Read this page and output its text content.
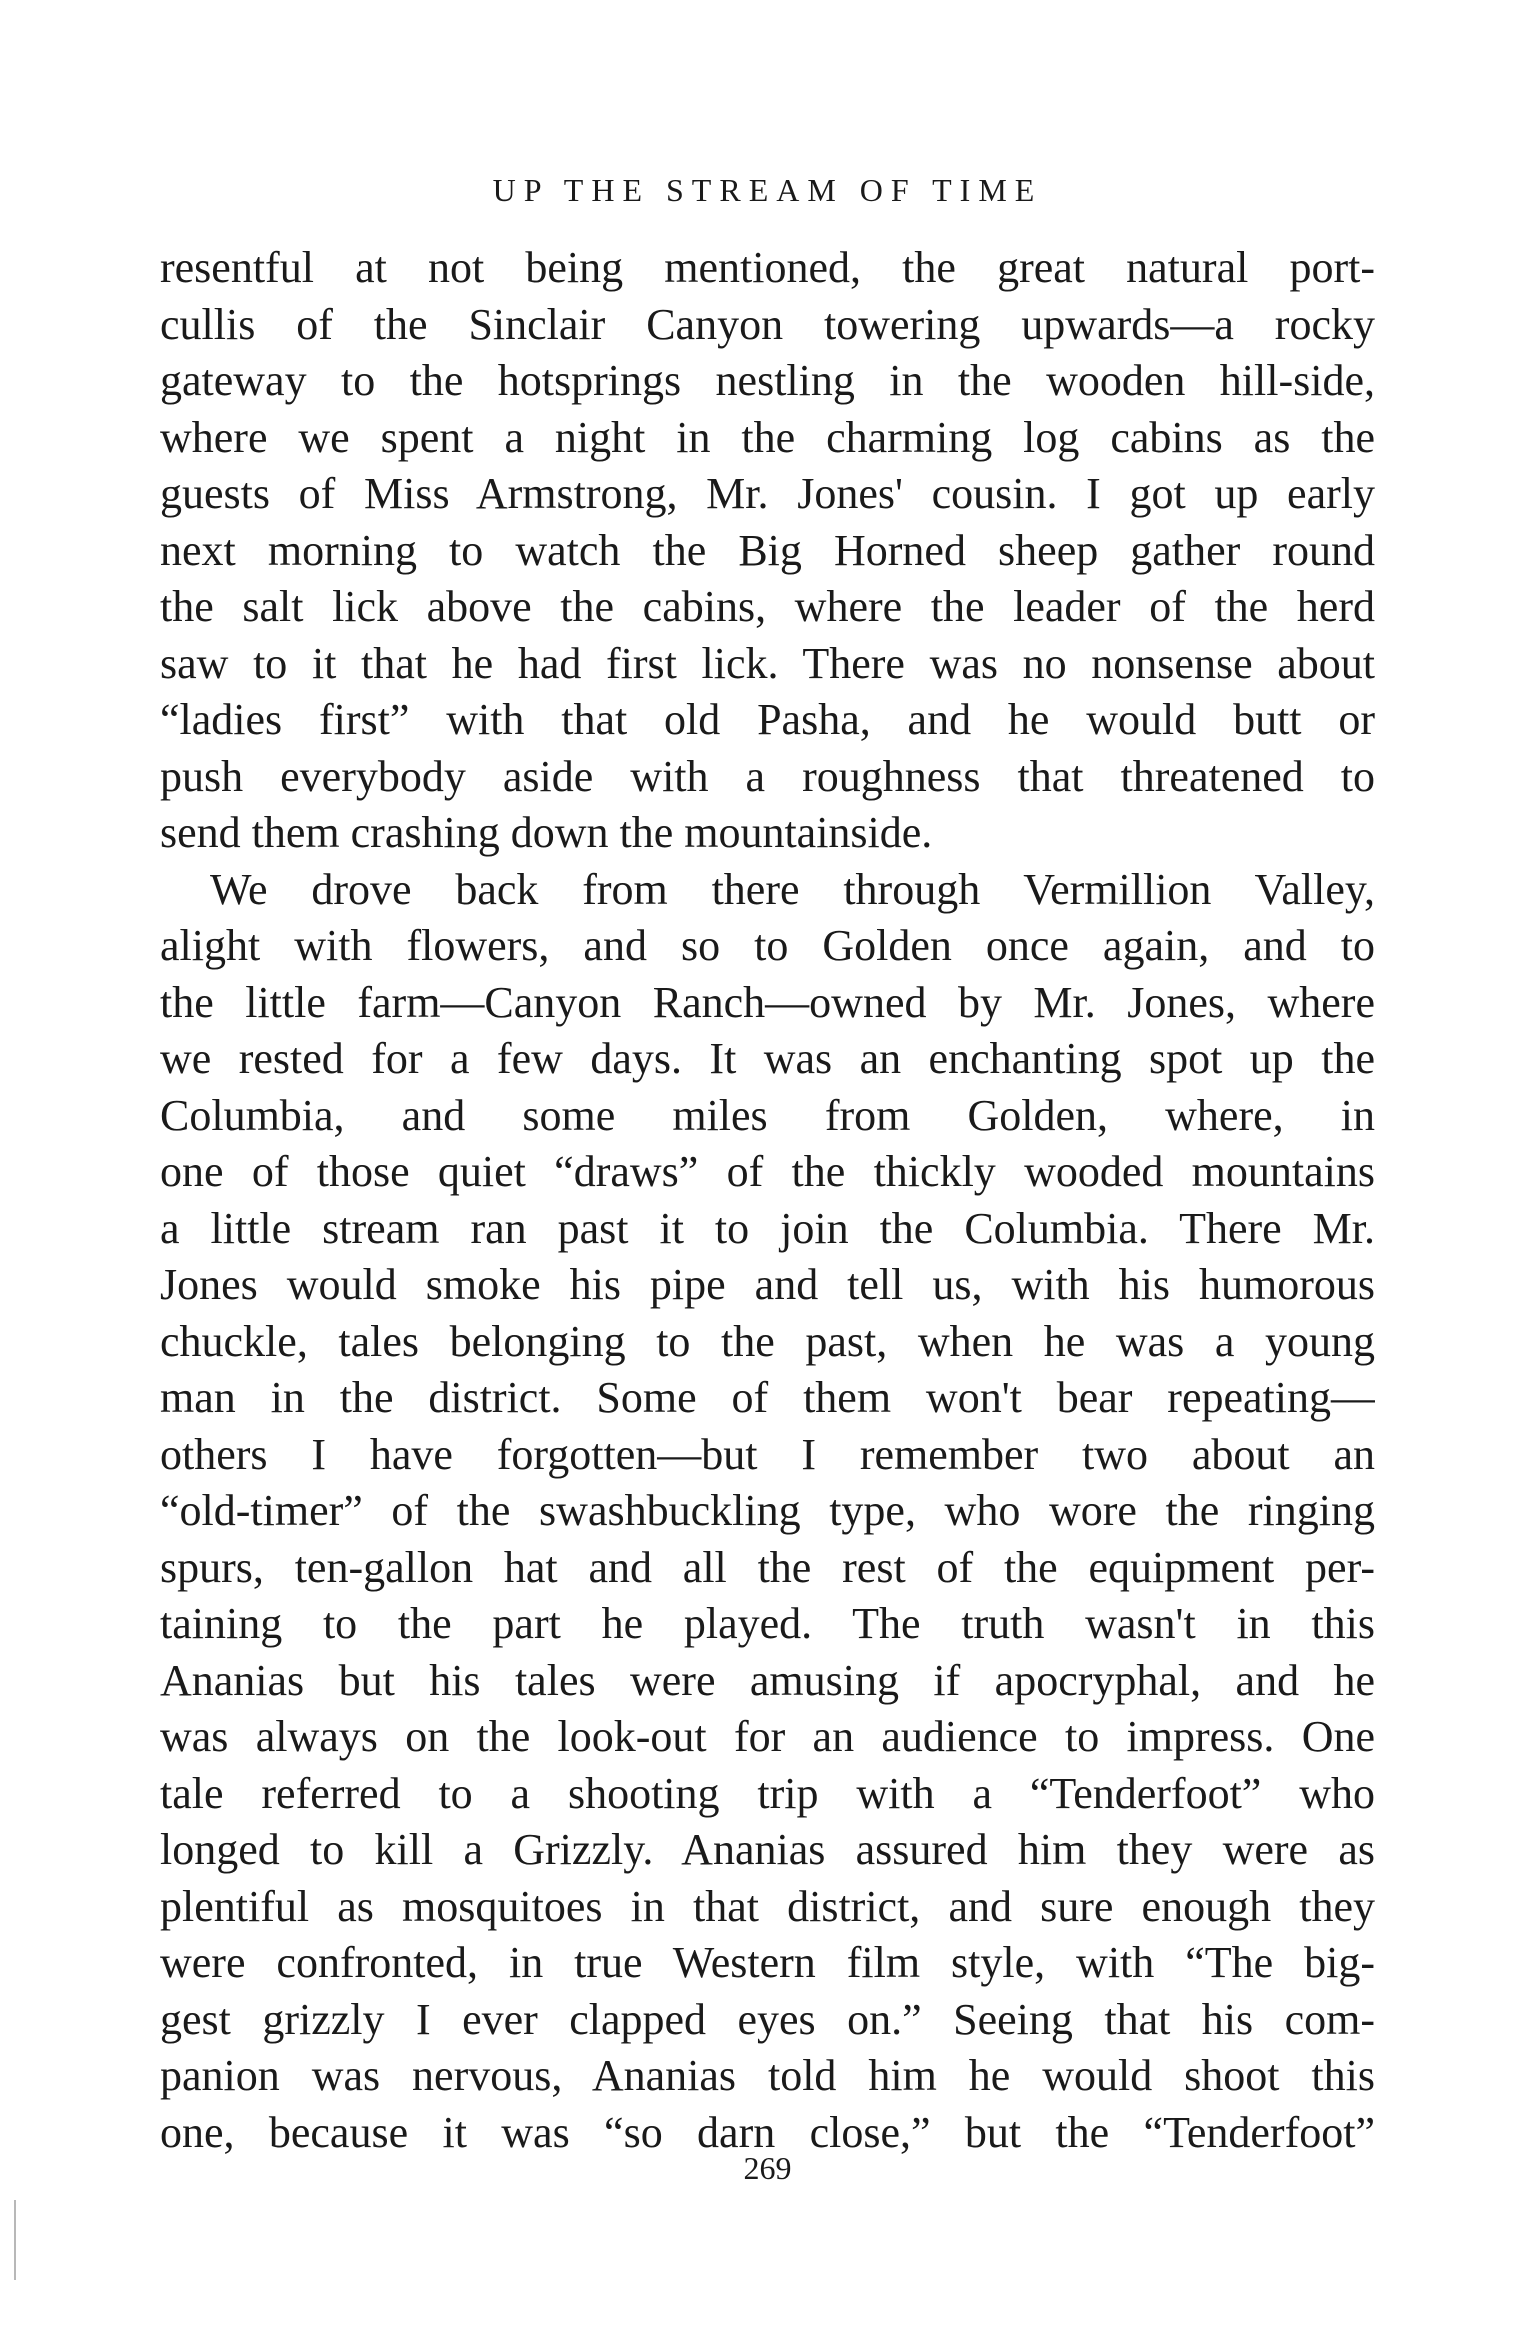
UP THE STREAM OF TIME
resentful at not being mentioned, the great natural port-
cullis of the Sinclair Canyon towering upwards—a rocky
gateway to the hotsprings nestling in the wooden hill-side,
where we spent a night in the charming log cabins as the
guests of Miss Armstrong, Mr. Jones' cousin. I got up early
next morning to watch the Big Horned sheep gather round
the salt lick above the cabins, where the leader of the herd
saw to it that he had first lick. There was no nonsense about
“ladies first” with that old Pasha, and he would butt or
push everybody aside with a roughness that threatened to
send them crashing down the mountainside.
We drove back from there through Vermillion Valley,
alight with flowers, and so to Golden once again, and to
the little farm—Canyon Ranch—owned by Mr. Jones, where
we rested for a few days. It was an enchanting spot up the
Columbia, and some miles from Golden, where, in
one of those quiet “draws” of the thickly wooded mountains
a little stream ran past it to join the Columbia. There Mr.
Jones would smoke his pipe and tell us, with his humorous
chuckle, tales belonging to the past, when he was a young
man in the district. Some of them won't bear repeating—
others I have forgotten—but I remember two about an
“old-timer” of the swashbuckling type, who wore the ringing
spurs, ten-gallon hat and all the rest of the equipment per-
taining to the part he played. The truth wasn't in this
Ananias but his tales were amusing if apocryphal, and he
was always on the look-out for an audience to impress. One
tale referred to a shooting trip with a “Tenderfoot” who
longed to kill a Grizzly. Ananias assured him they were as
plentiful as mosquitoes in that district, and sure enough they
were confronted, in true Western film style, with “The big-
gest grizzly I ever clapped eyes on.” Seeing that his com-
panion was nervous, Ananias told him he would shoot this
one, because it was “so darn close,” but the “Tenderfoot”
269
